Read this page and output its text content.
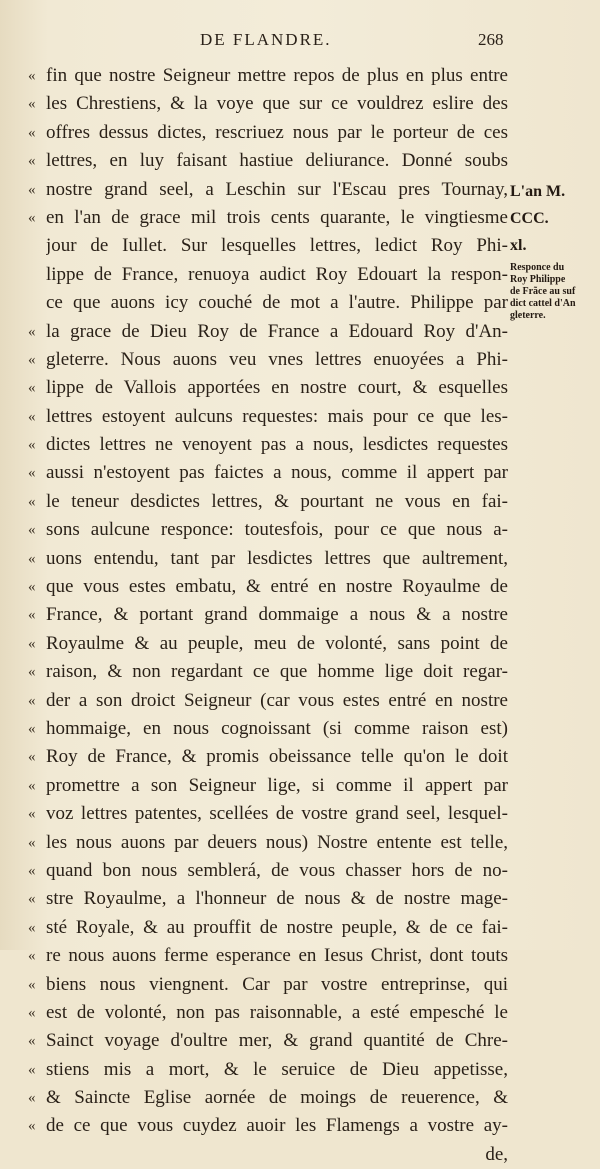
DE FLANDRE.	268
« fin que nostre Seigneur mettre repos de plus en plus entre
« les Chrestiens, & la voye que sur ce vouldrez eslire des
« offres dessus dictes, rescriuez nous par le porteur de ces
« lettres, en luy faisant hastiue deliurance. Donné soubs
« nostre grand seel, a Leschin sur l'Escau pres Tournay,
« en l'an de grace mil trois cents quarante, le vingtiesme
jour de Iullet. Sur lesquelles lettres, ledict Roy Phi-
lippe de France, renuoya audict Roy Edouart la respon-
ce que auons icy couché de mot a l'autre. Philippe par
« la grace de Dieu Roy de France a Edouard Roy d'An-
« gleterre. Nous auons veu vnes lettres enuoyées a Phi-
« lippe de Vallois apportées en nostre court, & esquelles
« lettres estoyent aulcuns requestes: mais pour ce que les-
« dictes lettres ne venoyent pas a nous, lesdictes requestes
« aussi n'estoyent pas faictes a nous, comme il appert par
« le teneur desdictes lettres, & pourtant ne vous en fai-
« sons aulcune responce: toutesfois, pour ce que nous a-
« uons entendu, tant par lesdictes lettres que aultrement,
« que vous estes embatu, & entré en nostre Royaulme de
« France, & portant grand dommaige a nous & a nostre
« Royaulme & au peuple, meu de volonté, sans point de
« raison, & non regardant ce que homme lige doit regar-
« der a son droict Seigneur (car vous estes entré en nostre
« hommaige, en nous cognoissant (si comme raison est)
« Roy de France, & promis obeissance telle qu'on le doit
« promettre a son Seigneur lige, si comme il appert par
« voz lettres patentes, scellées de vostre grand seel, lesquel-
« les nous auons par deuers nous) Nostre entente est telle,
« quand bon nous semblerá, de vous chasser hors de no-
« stre Royaulme, a l'honneur de nous & de nostre mage-
« sté Royale, & au prouffit de nostre peuple, & de ce fai-
« re nous auons ferme esperance en Iesus Christ, dont touts
« biens nous viengnent. Car par vostre entreprinse, qui
« est de volonté, non pas raisonnable, a esté empesché le
« Sainct voyage d'oultre mer, & grand quantité de Chre-
« stiens mis a mort, & le seruice de Dieu appetisse,
« & Saincte Eglise aornée de moings de reuerence, &
« de ce que vous cuydez auoir les Flamengs a vostre ay-
de,
L'an M.
CCC.
xl.
Responce du
Roy Philippe
de Frãce au suf
dict cattel d'An
gleterre.
